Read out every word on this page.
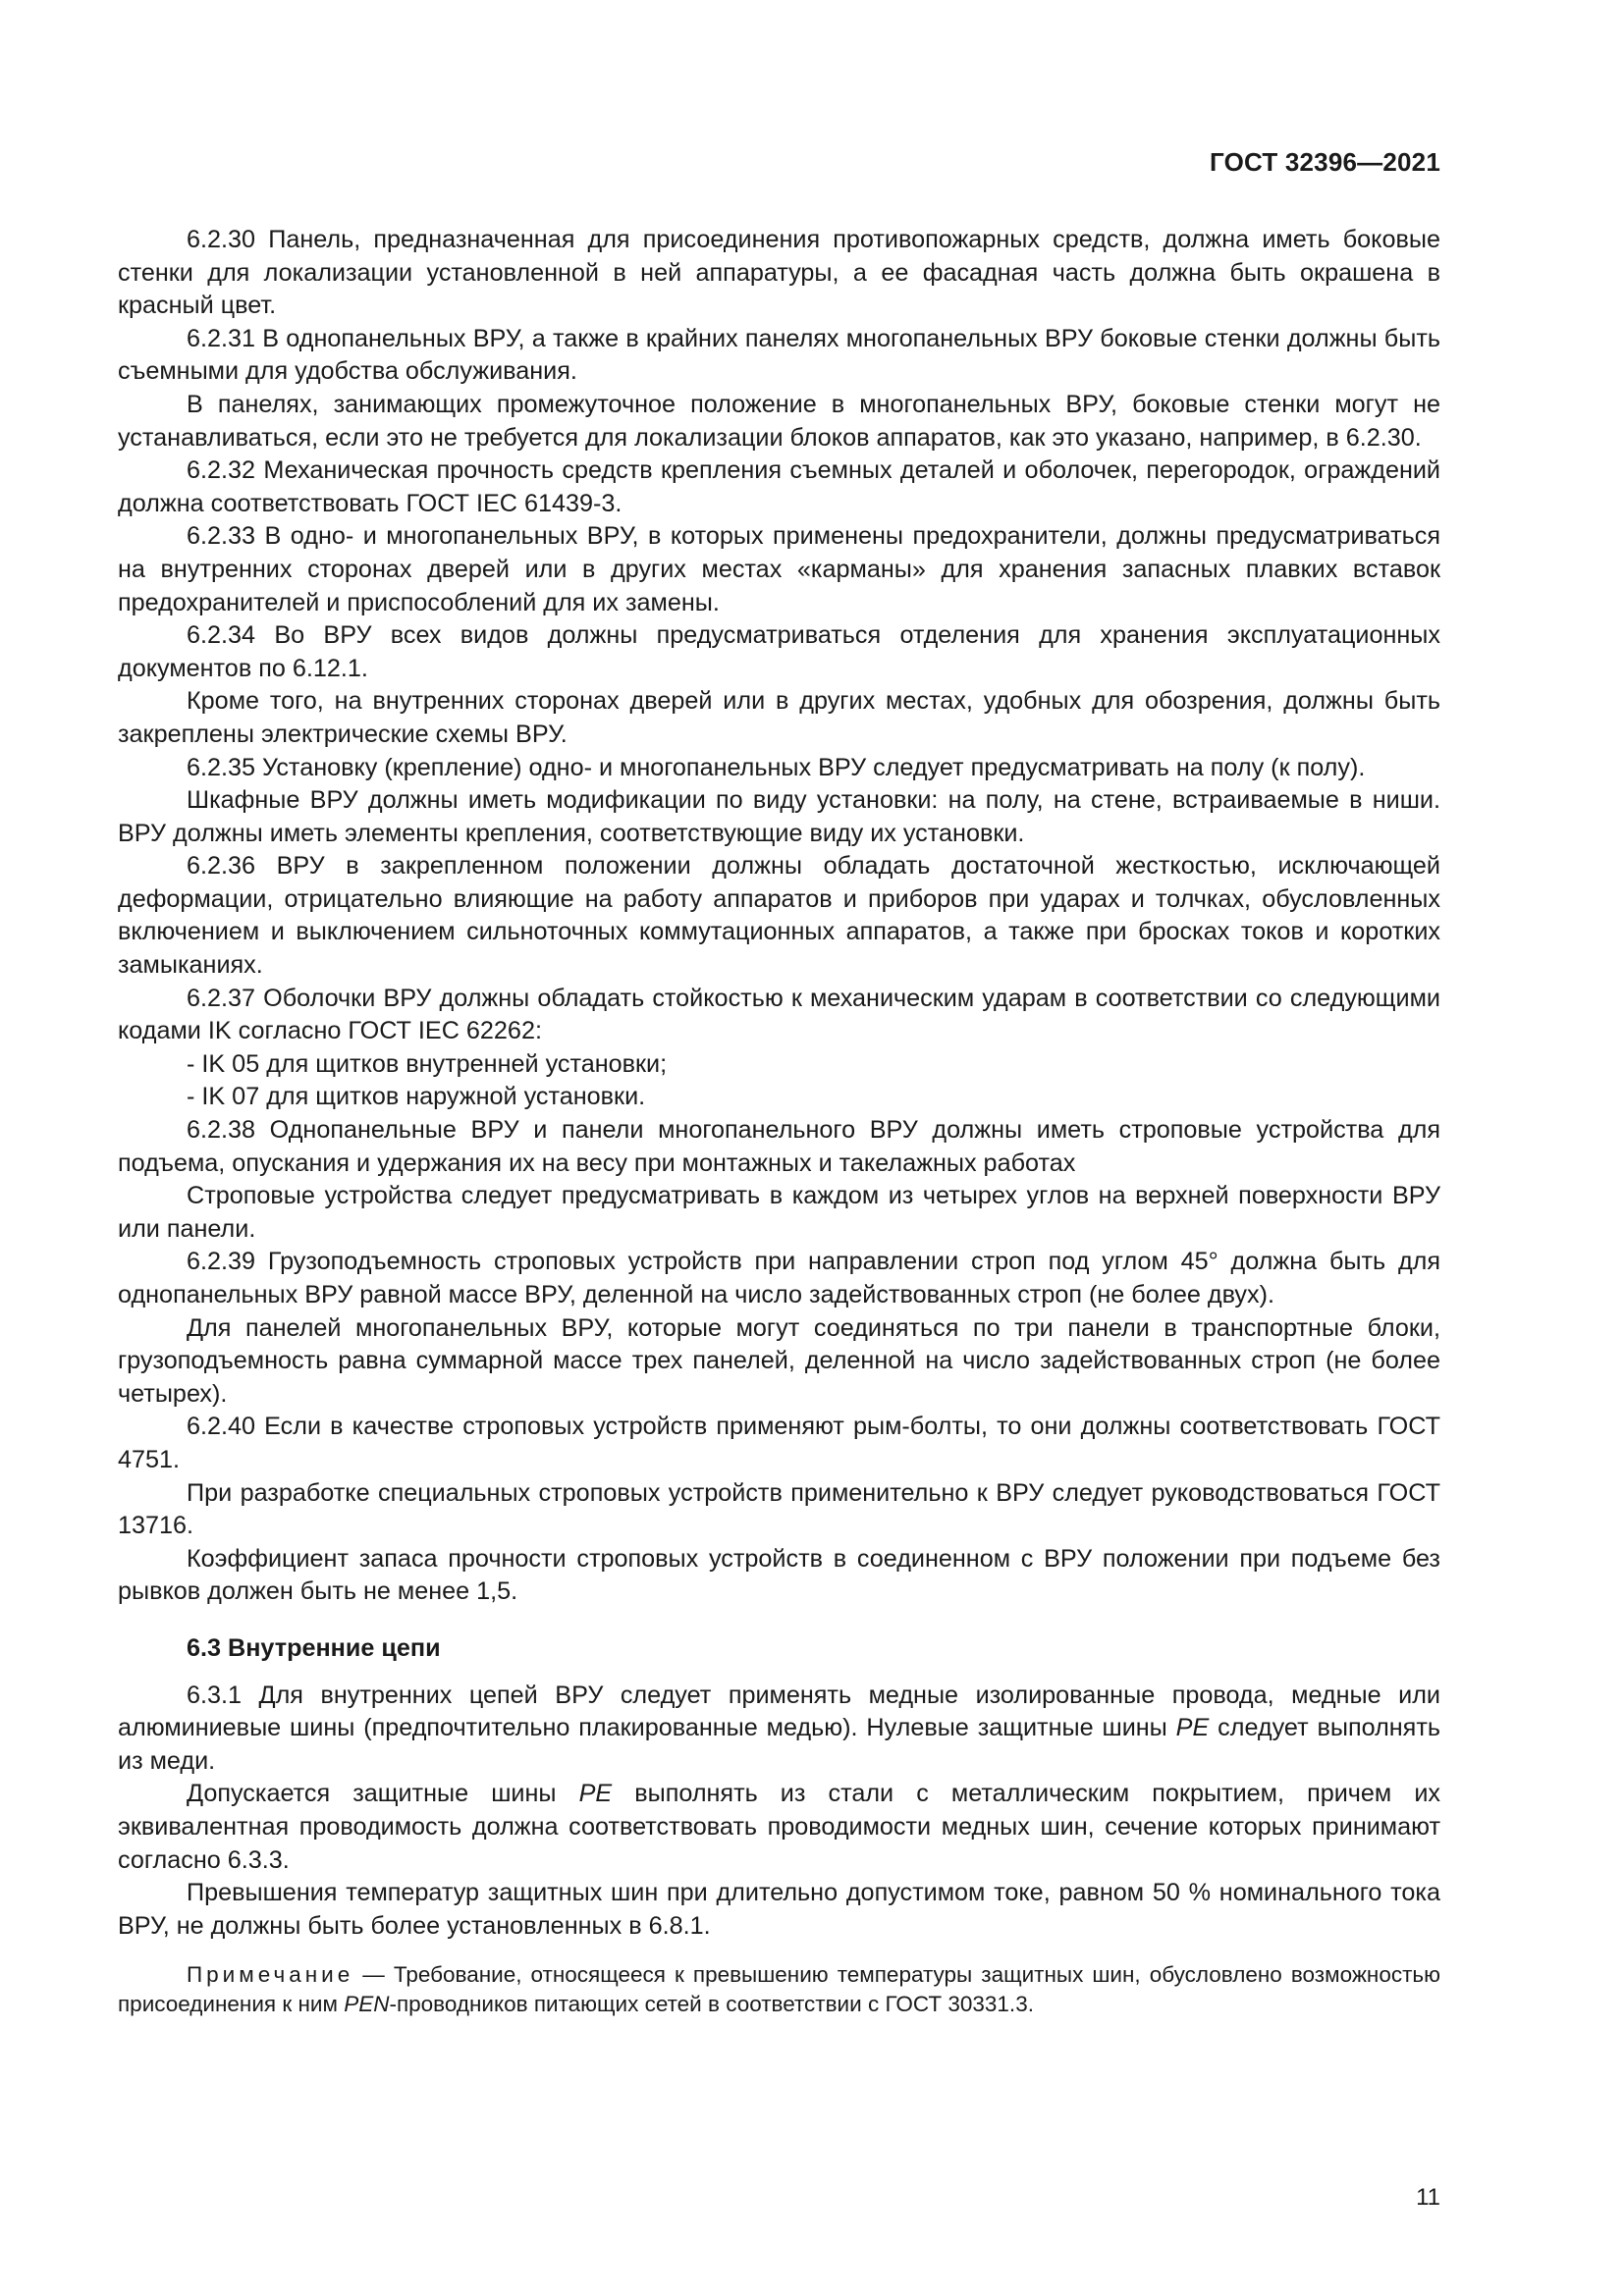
ГОСТ 32396—2021

6.2.30 Панель, предназначенная для присоединения противопожарных средств, должна иметь боковые стенки для локализации установленной в ней аппаратуры, а ее фасадная часть должна быть окрашена в красный цвет.

6.2.31 В однопанельных ВРУ, а также в крайних панелях многопанельных ВРУ боковые стенки должны быть съемными для удобства обслуживания.

В панелях, занимающих промежуточное положение в многопанельных ВРУ, боковые стенки могут не устанавливаться, если это не требуется для локализации блоков аппаратов, как это указано, например, в 6.2.30.

6.2.32 Механическая прочность средств крепления съемных деталей и оболочек, перегородок, ограждений должна соответствовать ГОСТ IEC 61439-3.

6.2.33 В одно- и многопанельных ВРУ, в которых применены предохранители, должны предусматриваться на внутренних сторонах дверей или в других местах «карманы» для хранения запасных плавких вставок предохранителей и приспособлений для их замены.

6.2.34 Во ВРУ всех видов должны предусматриваться отделения для хранения эксплуатационных документов по 6.12.1.

Кроме того, на внутренних сторонах дверей или в других местах, удобных для обозрения, должны быть закреплены электрические схемы ВРУ.

6.2.35 Установку (крепление) одно- и многопанельных ВРУ следует предусматривать на полу (к полу).

Шкафные ВРУ должны иметь модификации по виду установки: на полу, на стене, встраиваемые в ниши. ВРУ должны иметь элементы крепления, соответствующие виду их установки.

6.2.36 ВРУ в закрепленном положении должны обладать достаточной жесткостью, исключающей деформации, отрицательно влияющие на работу аппаратов и приборов при ударах и толчках, обусловленных включением и выключением сильноточных коммутационных аппаратов, а также при бросках токов и коротких замыканиях.

6.2.37 Оболочки ВРУ должны обладать стойкостью к механическим ударам в соответствии со следующими кодами IK согласно ГОСТ IEC 62262:

- IK 05 для щитков внутренней установки;

- IK 07 для щитков наружной установки.

6.2.38 Однопанельные ВРУ и панели многопанельного ВРУ должны иметь строповые устройства для подъема, опускания и удержания их на весу при монтажных и такелажных работах

Строповые устройства следует предусматривать в каждом из четырех углов на верхней поверхности ВРУ или панели.

6.2.39 Грузоподъемность строповых устройств при направлении строп под углом 45° должна быть для однопанельных ВРУ равной массе ВРУ, деленной на число задействованных строп (не более двух).

Для панелей многопанельных ВРУ, которые могут соединяться по три панели в транспортные блоки, грузоподъемность равна суммарной массе трех панелей, деленной на число задействованных строп (не более четырех).

6.2.40 Если в качестве строповых устройств применяют рым-болты, то они должны соответствовать ГОСТ 4751.

При разработке специальных строповых устройств применительно к ВРУ следует руководствоваться ГОСТ 13716.

Коэффициент запаса прочности строповых устройств в соединенном с ВРУ положении при подъеме без рывков должен быть не менее 1,5.

6.3 Внутренние цепи

6.3.1 Для внутренних цепей ВРУ следует применять медные изолированные провода, медные или алюминиевые шины (предпочтительно плакированные медью). Нулевые защитные шины PE следует выполнять из меди.

Допускается защитные шины PE выполнять из стали с металлическим покрытием, причем их эквивалентная проводимость должна соответствовать проводимости медных шин, сечение которых принимают согласно 6.3.3.

Превышения температур защитных шин при длительно допустимом токе, равном 50 % номинального тока ВРУ, не должны быть более установленных в 6.8.1.

Примечание — Требование, относящееся к превышению температуры защитных шин, обусловлено возможностью присоединения к ним PEN-проводников питающих сетей в соответствии с ГОСТ 30331.3.

11
